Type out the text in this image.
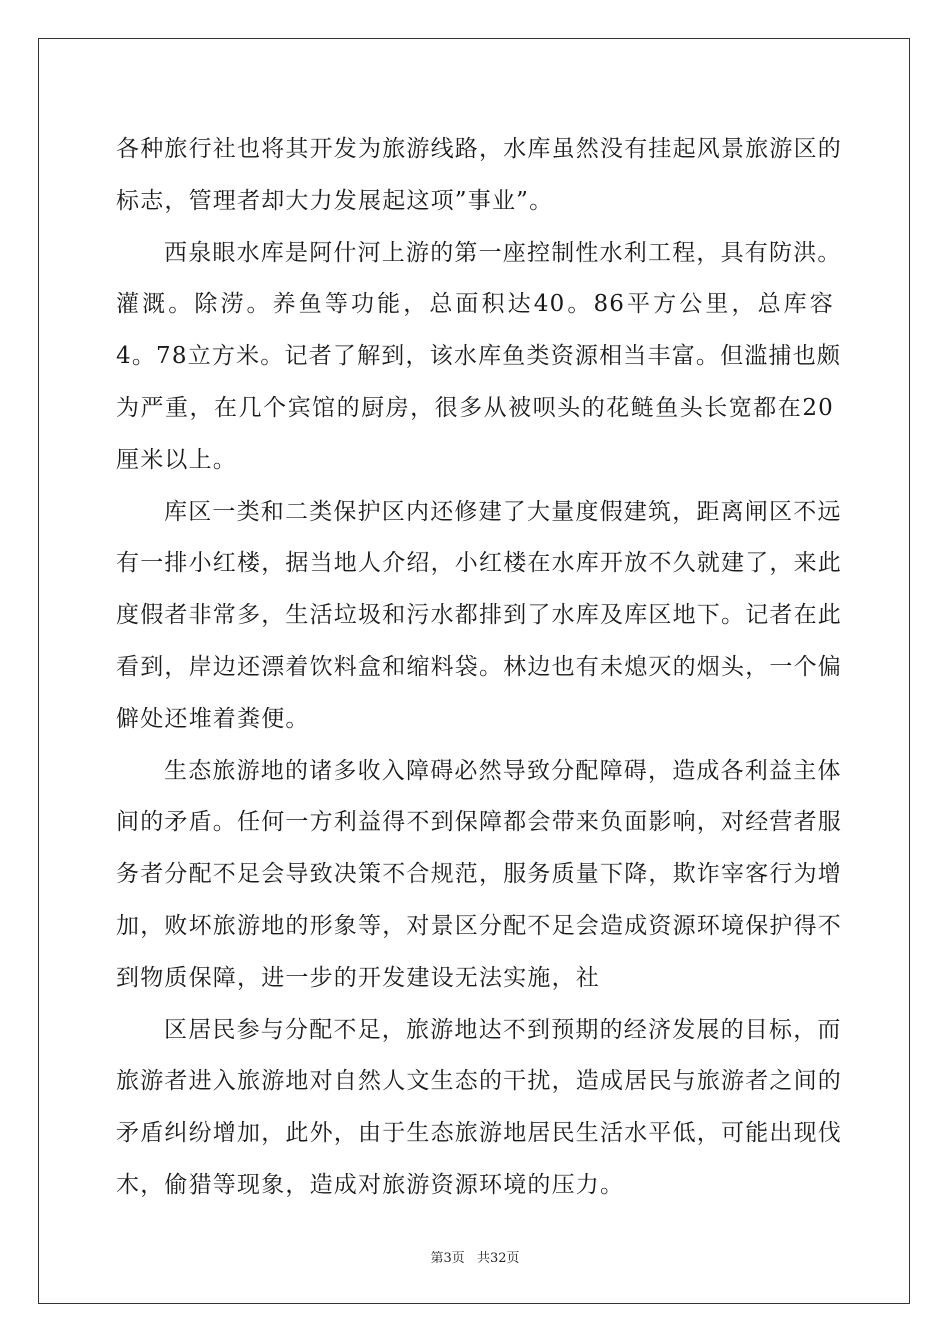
各种旅行社也将其开发为旅游线路，水库虽然没有挂起风景旅游区的
标志，管理者却大力发展起这项”事业”。
西泉眼水库是阿什河上游的第一座控制性水利工程，具有防洪。
灌溉。除涝。养鱼等功能，总面积达40。86平方公里，总库容
4。78立方米。记者了解到，该水库鱼类资源相当丰富。但滥捕也颇
为严重，在几个宾馆的厨房，很多从被呗头的花鲢鱼头长宽都在20
厘米以上。
库区一类和二类保护区内还修建了大量度假建筑，距离闸区不远
有一排小红楼，据当地人介绍，小红楼在水库开放不久就建了，来此
度假者非常多，生活垃圾和污水都排到了水库及库区地下。记者在此
看到，岸边还漂着饮料盒和缩料袋。林边也有未熄灭的烟头，一个偏
僻处还堆着粪便。
生态旅游地的诸多收入障碍必然导致分配障碍，造成各利益主体
间的矛盾。任何一方利益得不到保障都会带来负面影响，对经营者服
务者分配不足会导致决策不合规范，服务质量下降，欺诈宰客行为增
加，败坏旅游地的形象等，对景区分配不足会造成资源环境保护得不
到物质保障，进一步的开发建设无法实施，社
区居民参与分配不足，旅游地达不到预期的经济发展的目标，而
旅游者进入旅游地对自然人文生态的干扰，造成居民与旅游者之间的
矛盾纠纷增加，此外，由于生态旅游地居民生活水平低，可能出现伐
木，偷猎等现象，造成对旅游资源环境的压力。
第3页 共32页
